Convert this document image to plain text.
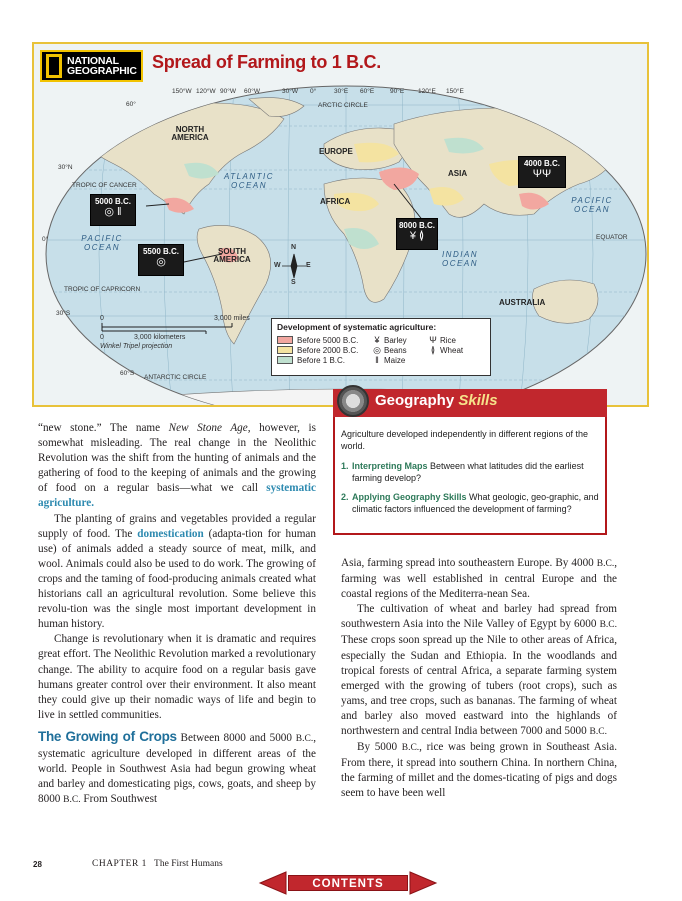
NATIONAL
GEOGRAPHIC Spread of Farming to 1 B.C.
150°W 120°W 90°W 60°W	30°W 0°	30°E 60°E 90°E 120°E 150°E
60°
30°N
0°
30°S
60°S
ARCTIC CIRCLE
TROPIC OF CANCER
EQUATOR
TROPIC OF CAPRICORN
ANTARCTIC CIRCLE
NORTH AMERICA
SOUTH AMERICA
EUROPE
AFRICA
ASIA
AUSTRALIA
ATLANTIC OCEAN
PACIFIC OCEAN
PACIFIC OCEAN
INDIAN OCEAN
N
S
E
W
0	3,000 miles
0	3,000 kilometers
Winkel Tripel projection
4000 B.C.
ΨΨ
5000 B.C.
◎ ‖
5500 B.C.
◎
8000 B.C.
¥ ≬
Development of systematic agriculture:
Before 5000 B.C. ¥ Barley	Ψ Rice
Before 2000 B.C. ◎ Beans	≬ Wheat
Before 1 B.C.	‖ Maize
Geography Skills
Agriculture developed independently in different regions of the world.
1. Interpreting Maps Between what latitudes did the earliest farming develop?
2. Applying Geography Skills What geologic, geo-graphic, and climatic factors influenced the development of farming?

“new stone.” The name New Stone Age, however, is somewhat misleading. The real change in the Neolithic Revolution was the shift from the hunting of animals and the gathering of food to the keeping of animals and the growing of food on a regular basis—what we call systematic agriculture.

The planting of grains and vegetables provided a regular supply of food. The domestication (adapta-tion for human use) of animals added a steady source of meat, milk, and wool. Animals could also be used to do work. The growing of crops and the taming of food-producing animals created what historians call an agricultural revolution. Some believe this revolu-tion was the single most important development in human history.

Change is revolutionary when it is dramatic and requires great effort. The Neolithic Revolution marked a revolutionary change. The ability to acquire food on a regular basis gave humans greater control over their environment. It also meant they could give up their nomadic ways of life and begin to live in settled communities.

The Growing of Crops Between 8000 and 5000 B.C., systematic agriculture developed in different areas of the world. People in Southwest Asia had begun growing wheat and barley and domesticating pigs, cows, goats, and sheep by 8000 B.C. From Southwest

Asia, farming spread into southeastern Europe. By 4000 B.C., farming was well established in central Europe and the coastal regions of the Mediterra-nean Sea.

The cultivation of wheat and barley had spread from southwestern Asia into the Nile Valley of Egypt by 6000 B.C. These crops soon spread up the Nile to other areas of Africa, especially the Sudan and Ethiopia. In the woodlands and tropical forests of central Africa, a separate farming system emerged with the growing of tubers (root crops), such as yams, and tree crops, such as bananas. The farming of wheat and barley also moved eastward into the highlands of northwestern and central India between 7000 and 5000 B.C.

By 5000 B.C., rice was being grown in Southeast Asia. From there, it spread into southern China. In northern China, the farming of millet and the domes-ticating of pigs and dogs seem to have been well

28	CHAPTER 1 The First Humans
CONTENTS
